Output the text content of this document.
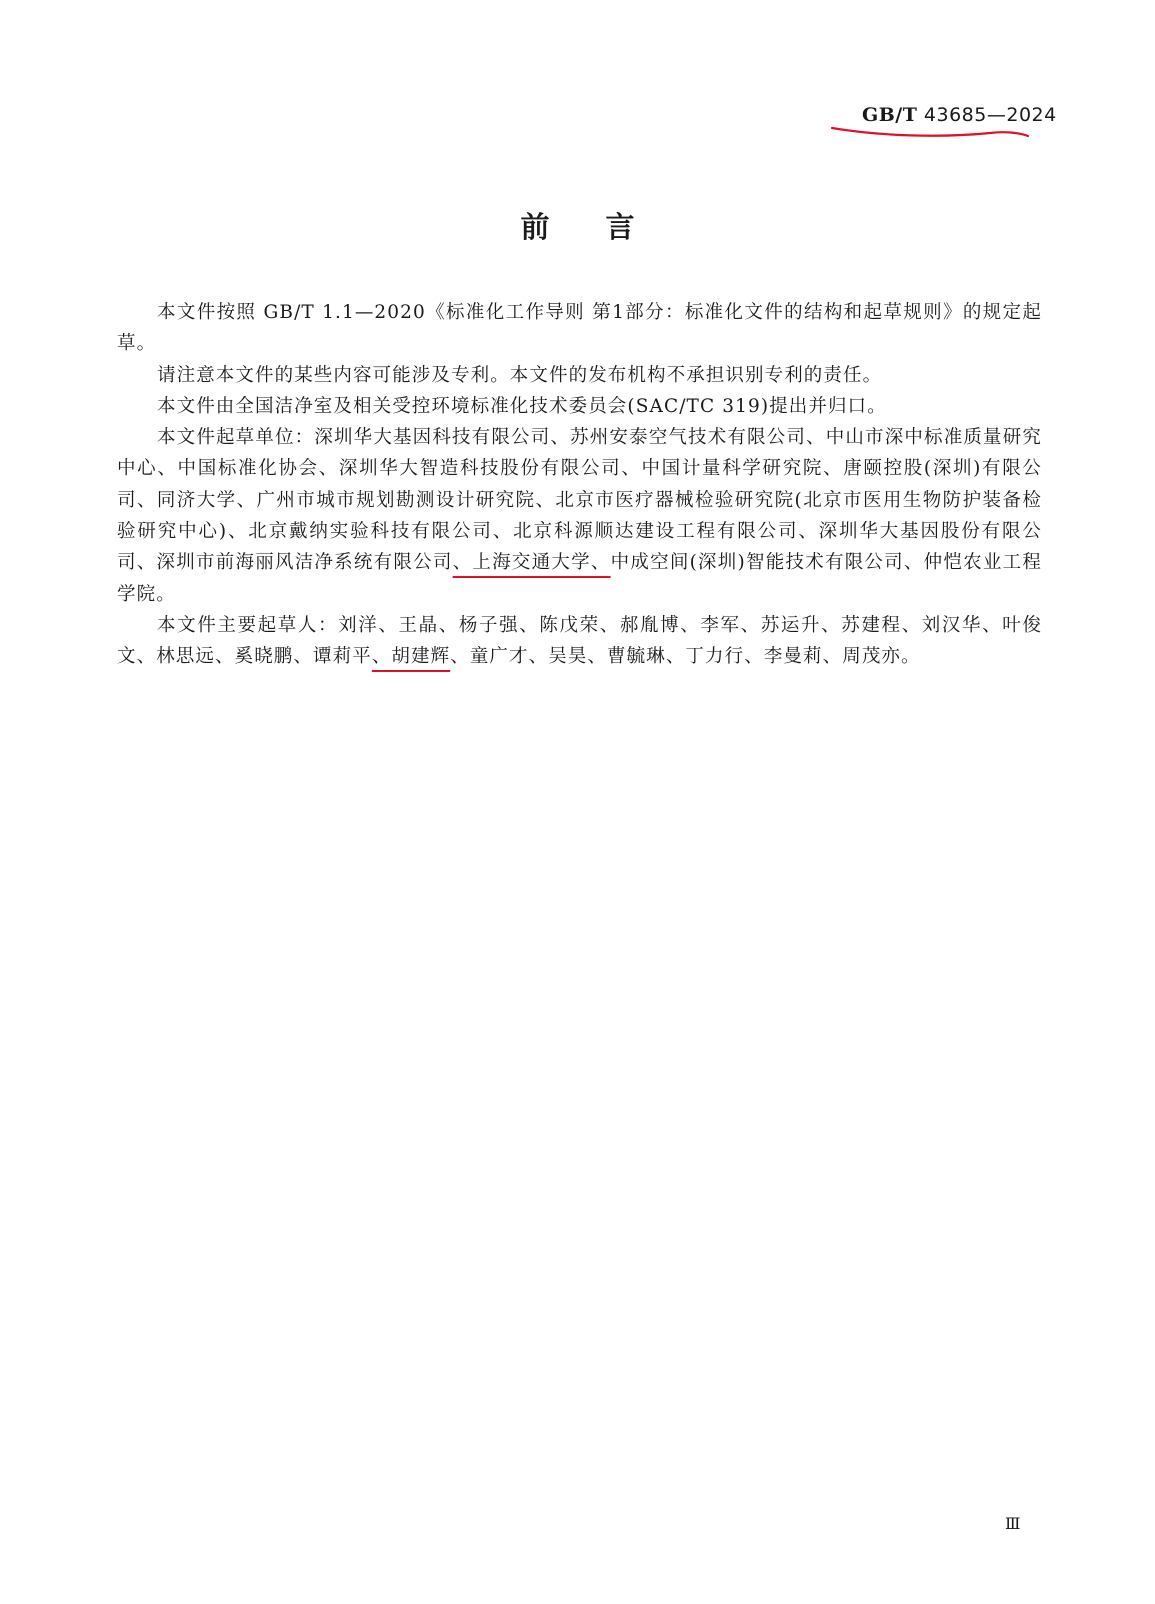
GB/T 43685—2024
前言

本文件按照 GB/T 1.1—2020《标准化工作导则 第1部分：标准化文件的结构和起草规则》的规定起草。

请注意本文件的某些内容可能涉及专利。本文件的发布机构不承担识别专利的责任。

本文件由全国洁净室及相关受控环境标准化技术委员会(SAC/TC 319)提出并归口。

本文件起草单位：深圳华大基因科技有限公司、苏州安泰空气技术有限公司、中山市深中标准质量研究中心、中国标准化协会、深圳华大智造科技股份有限公司、中国计量科学研究院、唐颐控股(深圳)有限公司、同济大学、广州市城市规划勘测设计研究院、北京市医疗器械检验研究院(北京市医用生物防护装备检验研究中心)、北京戴纳实验科技有限公司、北京科源顺达建设工程有限公司、深圳华大基因股份有限公司、深圳市前海丽风洁净系统有限公司、上海交通大学、中成空间(深圳)智能技术有限公司、仲恺农业工程学院。

本文件主要起草人：刘洋、王晶、杨子强、陈戊荣、郝胤博、李军、苏运升、苏建程、刘汉华、叶俊文、林思远、奚晓鹏、谭莉平、胡建辉、童广才、吴昊、曹毓琳、丁力行、李曼莉、周茂亦。

Ⅲ
